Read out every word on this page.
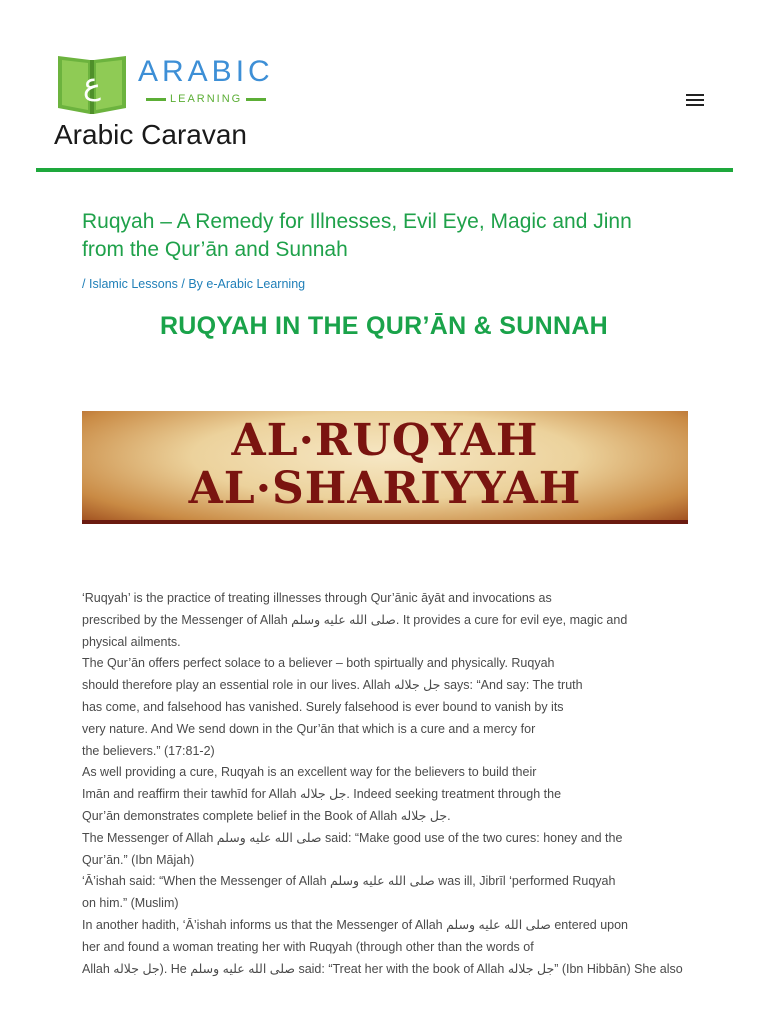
ع ARABIC
LEARNING
Arabic Caravan
Ruqyah – A Remedy for Illnesses, Evil Eye, Magic and Jinn
from the Qur’ān and Sunnah
/ Islamic Lessons / By e-Arabic Learning
RUQYAH IN THE QUR’ĀN & SUNNAH
AL·RUQYAH
AL·SHARIYYAH
‘Ruqyah’ is the practice of treating illnesses through Qur’ānic āyāt and invocations as
prescribed by the Messenger of Allah صلى الله عليه وسلم. It provides a cure for evil eye, magic and
physical ailments.
The Qur’ān offers perfect solace to a believer – both spirtually and physically. Ruqyah
should therefore play an essential role in our lives. Allah جل جلاله says: “And say: The truth
has come, and falsehood has vanished. Surely falsehood is ever bound to vanish by its
very nature. And We send down in the Qur’ān that which is a cure and a mercy for
the believers.” (17:81-2)
As well providing a cure, Ruqyah is an excellent way for the believers to build their
Imān and reaffirm their tawhīd for Allah جل جلاله. Indeed seeking treatment through the
Qur’ān demonstrates complete belief in the Book of Allah جل جلاله.
The Messenger of Allah صلى الله عليه وسلم said: “Make good use of the two cures: honey and the
Qur’ān.” (Ibn Mājah)
‘Ā’ishah said: “When the Messenger of Allah صلى الله عليه وسلم was ill, Jibrīl ‘performed Ruqyah
on him.” (Muslim)
In another hadith, ‘Ā’ishah informs us that the Messenger of Allah صلى الله عليه وسلم entered upon
her and found a woman treating her with Ruqyah (through other than the words of
Allah جل جلاله). He صلى الله عليه وسلم said: “Treat her with the book of Allah جل جلاله” (Ibn Hibbān) She also
